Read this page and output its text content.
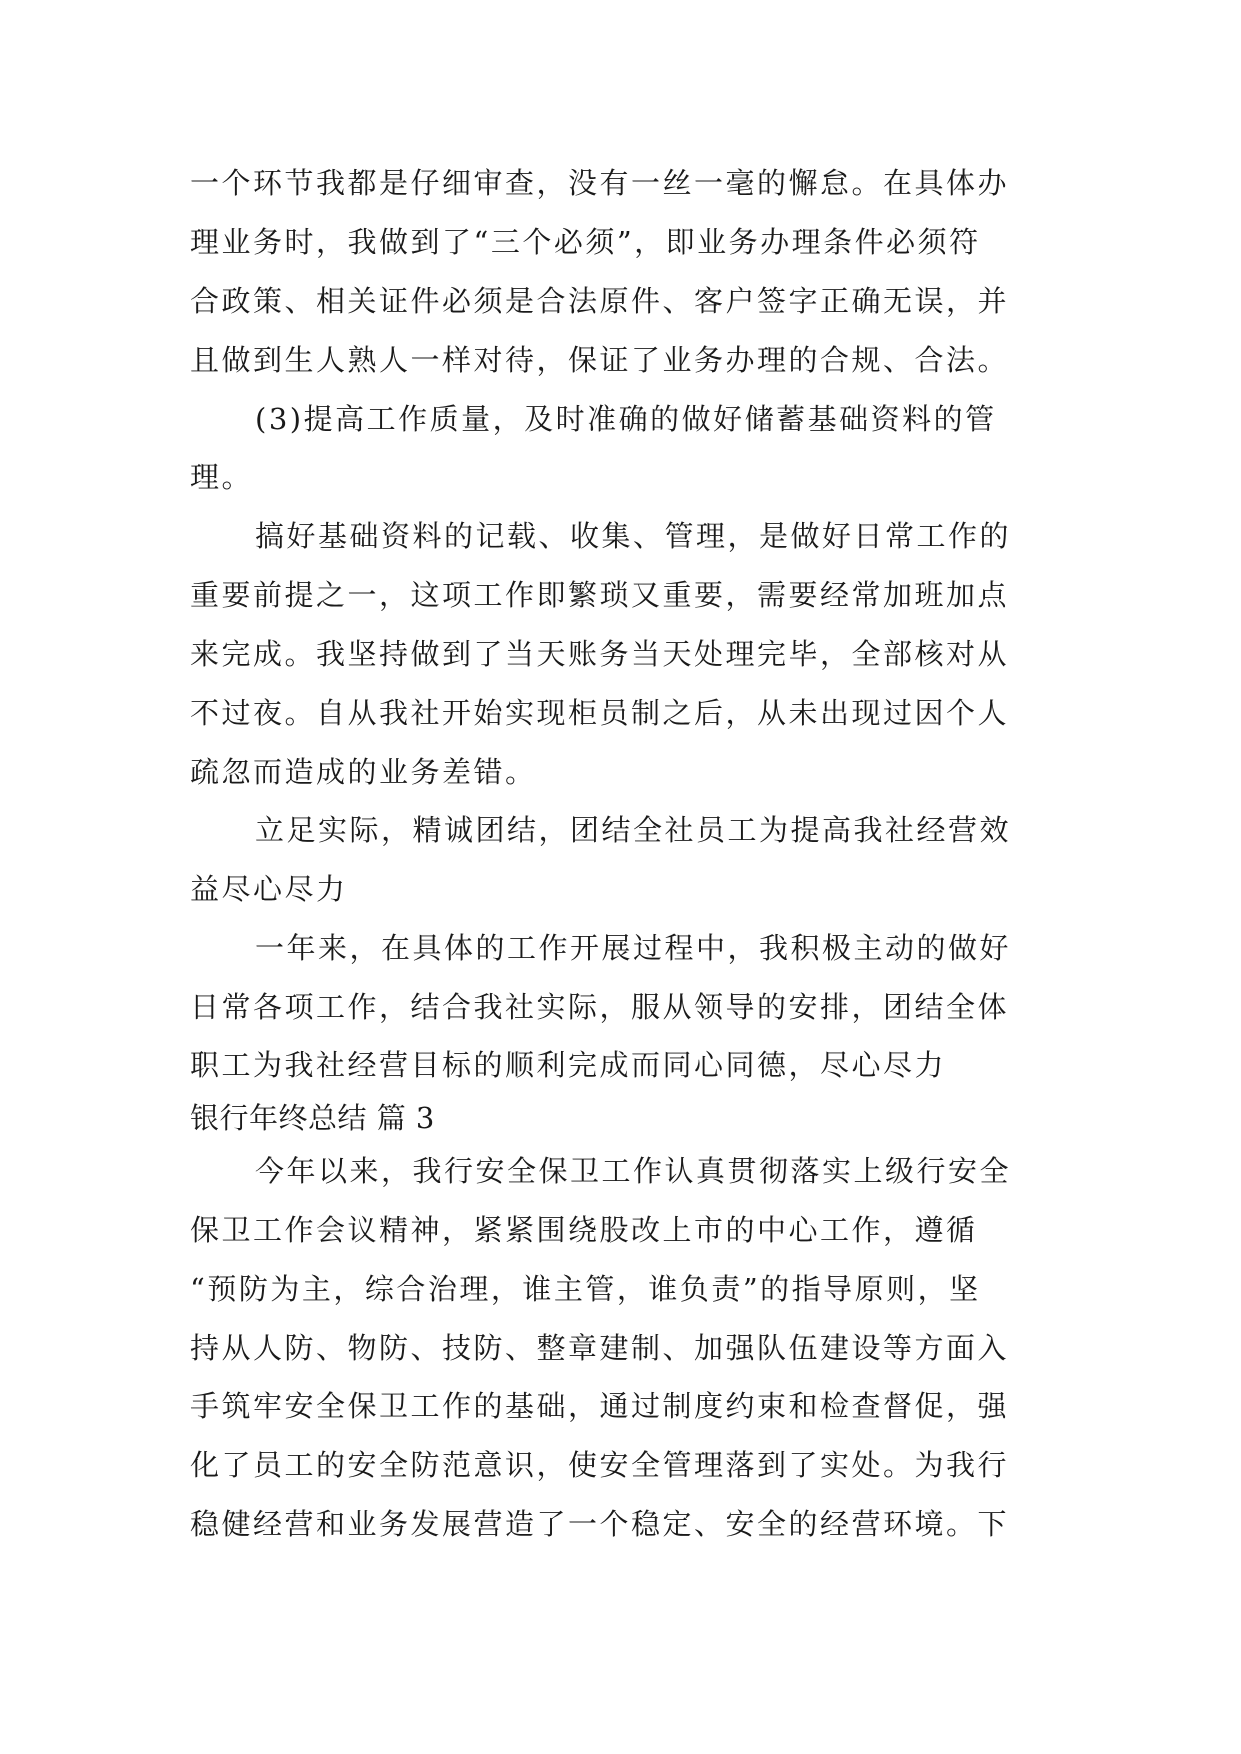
一个环节我都是仔细审查，没有一丝一毫的懈怠。在具体办
理业务时，我做到了“三个必须”，即业务办理条件必须符
合政策、相关证件必须是合法原件、客户签字正确无误，并
且做到生人熟人一样对待，保证了业务办理的合规、合法。
(3)提高工作质量，及时准确的做好储蓄基础资料的管
理。
搞好基础资料的记载、收集、管理，是做好日常工作的
重要前提之一，这项工作即繁琐又重要，需要经常加班加点
来完成。我坚持做到了当天账务当天处理完毕，全部核对从
不过夜。自从我社开始实现柜员制之后，从未出现过因个人
疏忽而造成的业务差错。
立足实际，精诚团结，团结全社员工为提高我社经营效
益尽心尽力
一年来，在具体的工作开展过程中，我积极主动的做好
日常各项工作，结合我社实际，服从领导的安排，团结全体
职工为我社经营目标的顺利完成而同心同德，尽心尽力
银行年终总结 篇 3
今年以来，我行安全保卫工作认真贯彻落实上级行安全
保卫工作会议精神，紧紧围绕股改上市的中心工作，遵循
“预防为主，综合治理，谁主管，谁负责”的指导原则，坚
持从人防、物防、技防、整章建制、加强队伍建设等方面入
手筑牢安全保卫工作的基础，通过制度约束和检查督促，强
化了员工的安全防范意识，使安全管理落到了实处。为我行
稳健经营和业务发展营造了一个稳定、安全的经营环境。下
